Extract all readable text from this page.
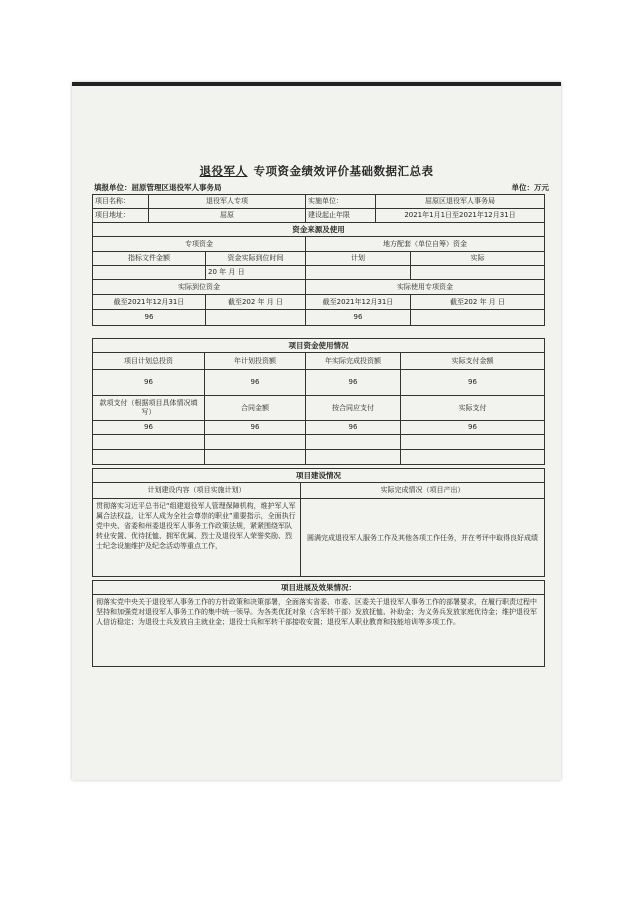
退役军人 专项资金绩效评价基础数据汇总表
填报单位：屈原管理区退役军人事务局	单位：万元
项目名称：	退役军人专项		实施单位：	屈原区退役军人事务局	
项目地址：	屈原		建设起止年限	2021年1月1日至2021年12月31日	
资金来源及使用					
专项资金			地方配套（单位自筹）资金		
指标文件金额		资金实际到位时间	计划		实际
		20 年 月 日			
实际到位资金			实际使用专项资金		
截至2021年12月31日		截至202 年 月 日	截至2021年12月31日		截至202 年 月 日
96			96		
项目资金使用情况			
项目计划总投资	年计划投资额	年实际完成投资额	实际支付金额
96	96	96	96
款项支付（根据项目具体情况填写）	合同金额	按合同应支付	实际支付
96	96	96	96

项目建设情况	
计划建设内容（项目实施计划）	实际完成情况（项目产出）
贯彻落实习近平总书记“组建退役军人管理保障机构，维护军人军属合法权益，让军人成为全社会尊崇的职业”重要指示，全面执行党中央、省委和州委退役军人事务工作政策法规，紧紧围绕军队转业安置、优待抚恤、拥军优属、烈士及退役军人荣誉奖励、烈士纪念设施维护及纪念活动等重点工作，	圆满完成退役军人服务工作及其他各项工作任务，并在考评中取得良好成绩
项目进展及效果情况：
彻落实党中央关于退役军人事务工作的方针政策和决策部署，全面落实省委、市委、区委关于退役军人事务工作的部署要求，在履行职责过程中坚持和加强党对退役军人事务工作的集中统一领导。为各类优抚对象（含军转干部）发放抚恤、补助金；为义务兵发放家庭优待金；维护退役军人信访稳定；为退役士兵发放自主就业金；退役士兵和军转干部接收安置；退役军人职业教育和技能培训等多项工作。
